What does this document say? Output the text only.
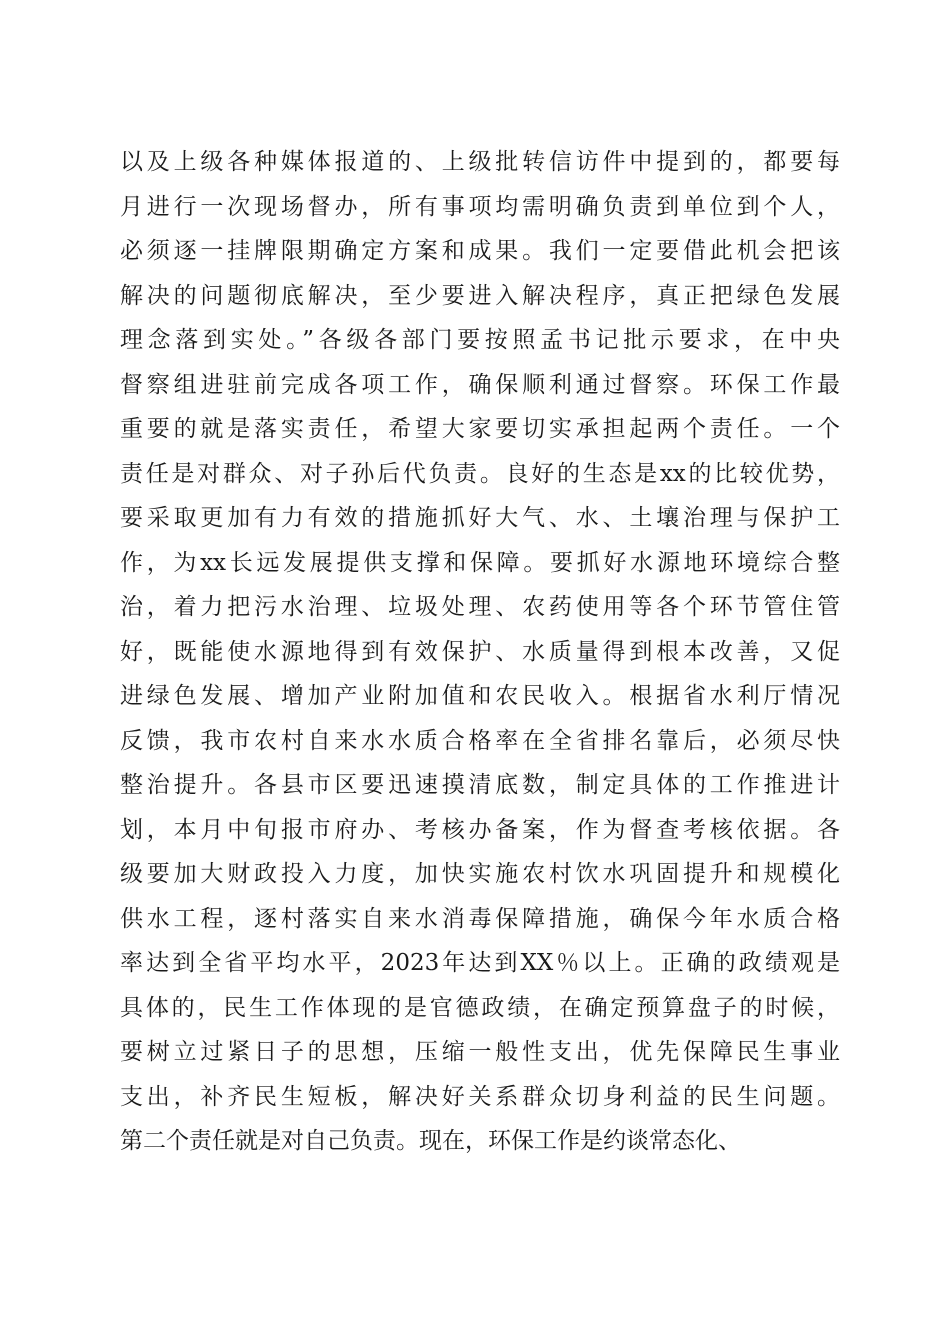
以及上级各种媒体报道的、上级批转信访件中提到的，都要每
月进行一次现场督办，所有事项均需明确负责到单位到个人，
必须逐一挂牌限期确定方案和成果。我们一定要借此机会把该
解决的问题彻底解决，至少要进入解决程序，真正把绿色发展
理念落到实处。”各级各部门要按照孟书记批示要求，在中央
督察组进驻前完成各项工作，确保顺利通过督察。环保工作最
重要的就是落实责任，希望大家要切实承担起两个责任。一个
责任是对群众、对子孙后代负责。良好的生态是xx的比较优势，
要采取更加有力有效的措施抓好大气、水、土壤治理与保护工
作，为xx长远发展提供支撑和保障。要抓好水源地环境综合整
治，着力把污水治理、垃圾处理、农药使用等各个环节管住管
好，既能使水源地得到有效保护、水质量得到根本改善，又促
进绿色发展、增加产业附加值和农民收入。根据省水利厅情况
反馈，我市农村自来水水质合格率在全省排名靠后，必须尽快
整治提升。各县市区要迅速摸清底数，制定具体的工作推进计
划，本月中旬报市府办、考核办备案，作为督查考核依据。各
级要加大财政投入力度，加快实施农村饮水巩固提升和规模化
供水工程，逐村落实自来水消毒保障措施，确保今年水质合格
率达到全省平均水平，2023年达到XX％以上。正确的政绩观是
具体的，民生工作体现的是官德政绩，在确定预算盘子的时候，
要树立过紧日子的思想，压缩一般性支出，优先保障民生事业
支出，补齐民生短板，解决好关系群众切身利益的民生问题。
第二个责任就是对自己负责。现在，环保工作是约谈常态化、
